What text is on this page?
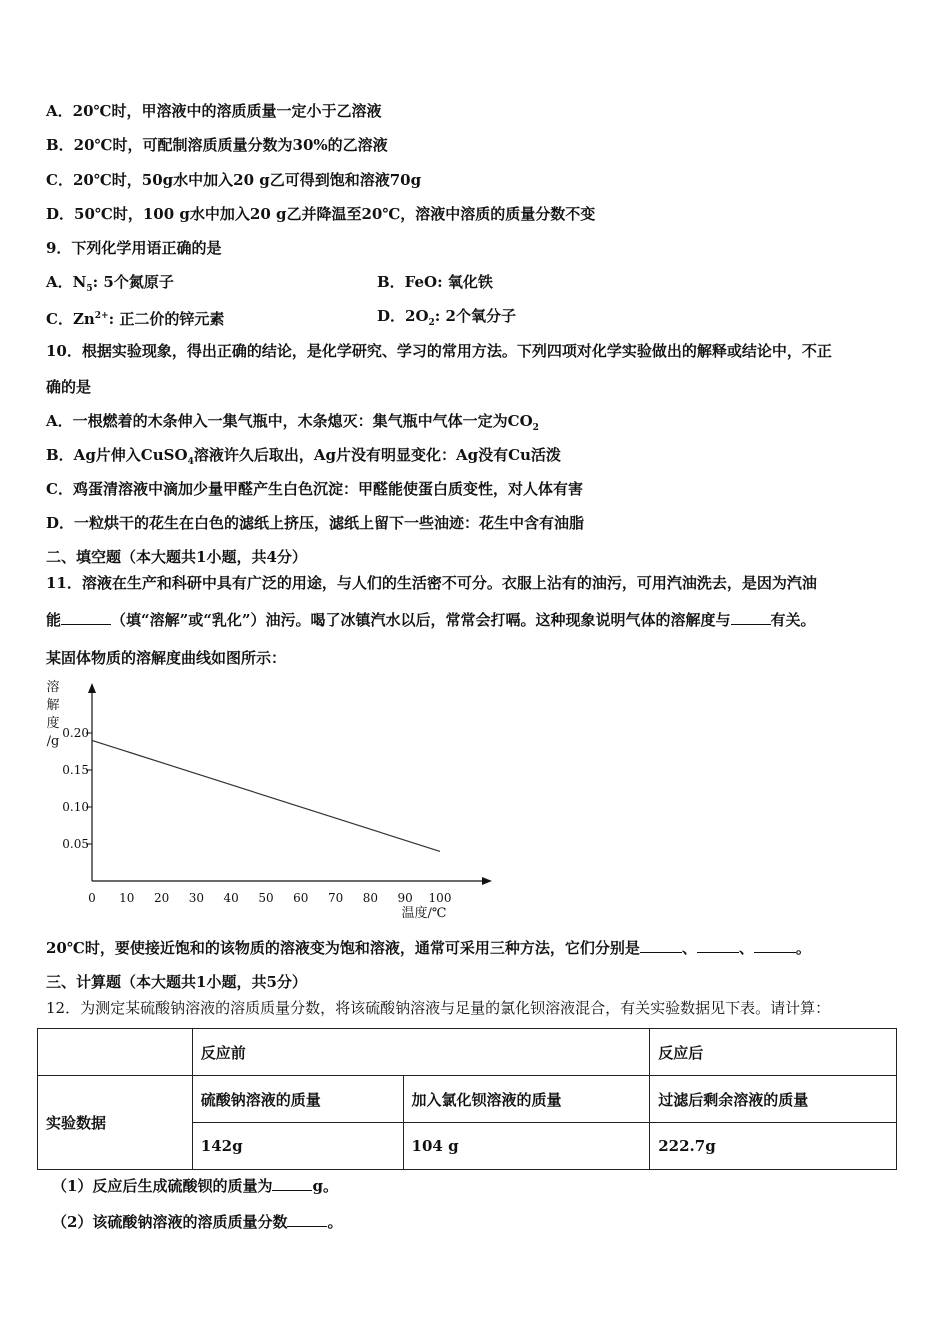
A．20℃时，甲溶液中的溶质质量一定小于乙溶液
B．20℃时，可配制溶质质量分数为30%的乙溶液
C．20℃时，50g水中加入20 g乙可得到饱和溶液70g
D．50℃时，100 g水中加入20 g乙并降温至20℃，溶液中溶质的质量分数不变
9．下列化学用语正确的是
A．$N_5$: 5个氮原子	B．FeO: 氧化铁
C．$Zn^{2+}$: 正二价的锌元素	D．$2O_2$: 2个氧分子
10．根据实验现象，得出正确的结论，是化学研究、学习的常用方法。下列四项对化学实验做出的解释或结论中，不正
确的是
A．一根燃着的木条伸入一集气瓶中，木条熄灭：集气瓶中气体一定为$CO_2$
B．Ag片伸入CuSO$_4$溶液许久后取出，Ag片没有明显变化：Ag没有Cu活泼
C．鸡蛋清溶液中滴加少量甲醛产生白色沉淀：甲醛能使蛋白质变性，对人体有害
D．一粒烘干的花生在白色的滤纸上挤压，滤纸上留下一些油迹：花生中含有油脂
二、填空题（本大题共1小题，共4分）
11．溶液在生产和科研中具有广泛的用途，与人们的生活密不可分。衣服上沾有的油污，可用汽油洗去，是因为汽油
能	（填“溶解”或“乳化”）油污。喝了冰镇汽水以后，常常会打嗝。这种现象说明气体的溶解度与	有关。
某固体物质的溶解度曲线如图所示：
0 10 20 30 40 50 60 70 80 90 100
0.05
0.10
0.15
0.20
溶
解
度
/g
温度/℃
20℃时，要使接近饱和的该物质的溶液变为饱和溶液，通常可采用三种方法，它们分别是	、	、	。
三、计算题（本大题共1小题，共5分）
12．为测定某硫酸钠溶液的溶质质量分数，将该硫酸钠溶液与足量的氯化钡溶液混合，有关实验数据见下表。请计算：
	反应前		反应后
实验数据	硫酸钠溶液的质量	加入氯化钡溶液的质量	过滤后剩余溶液的质量
	142g	104 g	222.7g
（1）反应后生成硫酸钡的质量为	g。
（2）该硫酸钠溶液的溶质质量分数	。
